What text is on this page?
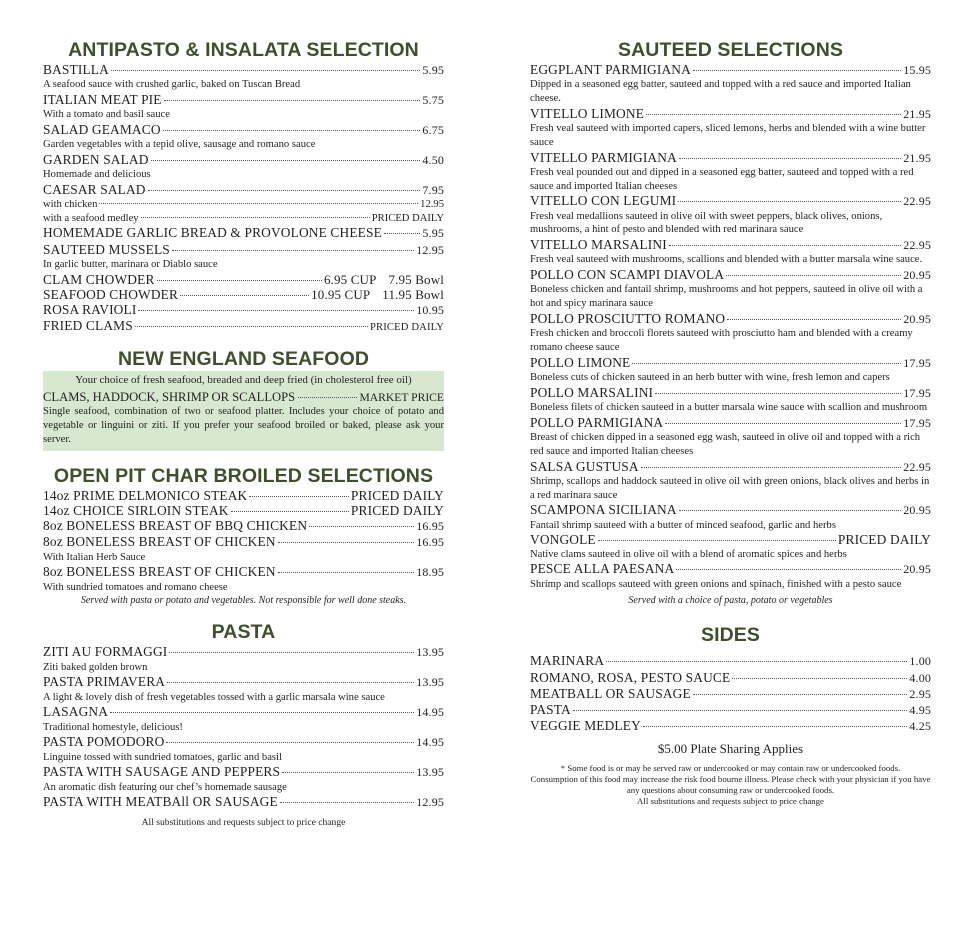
ANTIPASTO & INSALATA SELECTION
BASTILLA	5.95
A seafood sauce with crushed garlic, baked on Tuscan Bread
ITALIAN MEAT PIE	5.75
With a tomato and basil sauce
SALAD GEAMACO	6.75
Garden vegetables with a tepid olive, sausage and romano sauce
GARDEN SALAD	4.50
Homemade and delicious
CAESAR SALAD	7.95
with chicken	12.95
with a seafood medley	PRICED DAILY
HOMEMADE GARLIC BREAD & PROVOLONE CHEESE	5.95
SAUTEED MUSSELS	12.95
In garlic butter, marinara or Diablo sauce
CLAM CHOWDER	6.95 CUP 7.95 Bowl
SEAFOOD CHOWDER	10.95 CUP 11.95 Bowl
ROSA RAVIOLI	10.95
FRIED CLAMS	PRICED DAILY
NEW ENGLAND SEAFOOD
Your choice of fresh seafood, breaded and deep fried (in cholesterol free oil)
CLAMS, HADDOCK, SHRIMP OR SCALLOPS	MARKET PRICE
Single seafood, combination of two or seafood platter. Includes your choice of potato and vegetable or linguini or ziti. If you prefer your seafood broiled or baked, please ask your server.
OPEN PIT CHAR BROILED SELECTIONS
14oz PRIME DELMONICO STEAK	PRICED DAILY
14oz CHOICE SIRLOIN STEAK	PRICED DAILY
8oz BONELESS BREAST OF BBQ CHICKEN	16.95
8oz BONELESS BREAST OF CHICKEN	16.95
With Italian Herb Sauce
8oz BONELESS BREAST OF CHICKEN	18.95
With sundried tomatoes and romano cheese
Served with pasta or potato and vegetables. Not responsible for well done steaks.
PASTA
ZITI AU FORMAGGI	13.95
Ziti baked golden brown
PASTA PRIMAVERA	13.95
A light & lovely dish of fresh vegetables tossed with a garlic marsala wine sauce
LASAGNA	14.95
Traditional homestyle, delicious!
PASTA POMODORO	14.95
Linguine tossed with sundried tomatoes, garlic and basil
PASTA WITH SAUSAGE AND PEPPERS	13.95
An aromatic dish featuring our chef’s homemade sausage
PASTA WITH MEATBAll OR SAUSAGE	12.95
All substitutions and requests subject to price change
SAUTEED SELECTIONS
EGGPLANT PARMIGIANA	15.95
Dipped in a seasoned egg batter, sauteed and topped with a red sauce and imported Italian cheese.
VITELLO LIMONE	21.95
Fresh veal sauteed with imported capers, sliced lemons, herbs and blended with a wine butter sauce
VITELLO PARMIGIANA	21.95
Fresh veal pounded out and dipped in a seasoned egg batter, sauteed and topped with a red sauce and imported Italian cheeses
VITELLO CON LEGUMI	22.95
Fresh veal medallions sauteed in olive oil with sweet peppers, black olives, onions, mushrooms, a hint of pesto and blended with red marinara sauce
VITELLO MARSALINI	22.95
Fresh veal sauteed with mushrooms, scallions and blended with a butter marsala wine sauce.
POLLO CON SCAMPI DIAVOLA	20.95
Boneless chicken and fantail shrimp, mushrooms and hot peppers, sauteed in olive oil with a hot and spicy marinara sauce
POLLO PROSCIUTTO ROMANO	20.95
Fresh chicken and broccoli florets sauteed with prosciutto ham and blended with a creamy romano cheese sauce
POLLO LIMONE	17.95
Boneless cuts of chicken sauteed in an herb butter with wine, fresh lemon and capers
POLLO MARSALINI	17.95
Boneless filets of chicken sauteed in a butter marsala wine sauce with scallion and mushroom
POLLO PARMIGIANA	17.95
Breast of chicken dipped in a seasoned egg wash, sauteed in olive oil and topped with a rich red sauce and imported Italian cheeses
SALSA GUSTUSA	22.95
Shrimp, scallops and haddock sauteed in olive oil with green onions, black olives and herbs in a red marinara sauce
SCAMPONA SICILIANA	20.95
Fantail shrimp sauteed with a butter of minced seafood, garlic and herbs
VONGOLE	PRICED DAILY
Native clams sauteed in olive oil with a blend of aromatic spices and herbs
PESCE ALLA PAESANA	20.95
Shrimp and scallops sauteed with green onions and spinach, finished with a pesto sauce
Served with a choice of pasta, potato or vegetables
SIDES
MARINARA	1.00
ROMANO, ROSA, PESTO SAUCE	4.00
MEATBALL OR SAUSAGE	2.95
PASTA	4.95
VEGGIE MEDLEY	4.25
$5.00 Plate Sharing Applies
* Some food is or may be served raw or undercooked or may contain raw or undercooked foods.
Consumption of this food may increase the risk food bourne illness. Please check with your physician if you have any questions about consuming raw or undercooked foods.
All substitutions and requests subject to price change
